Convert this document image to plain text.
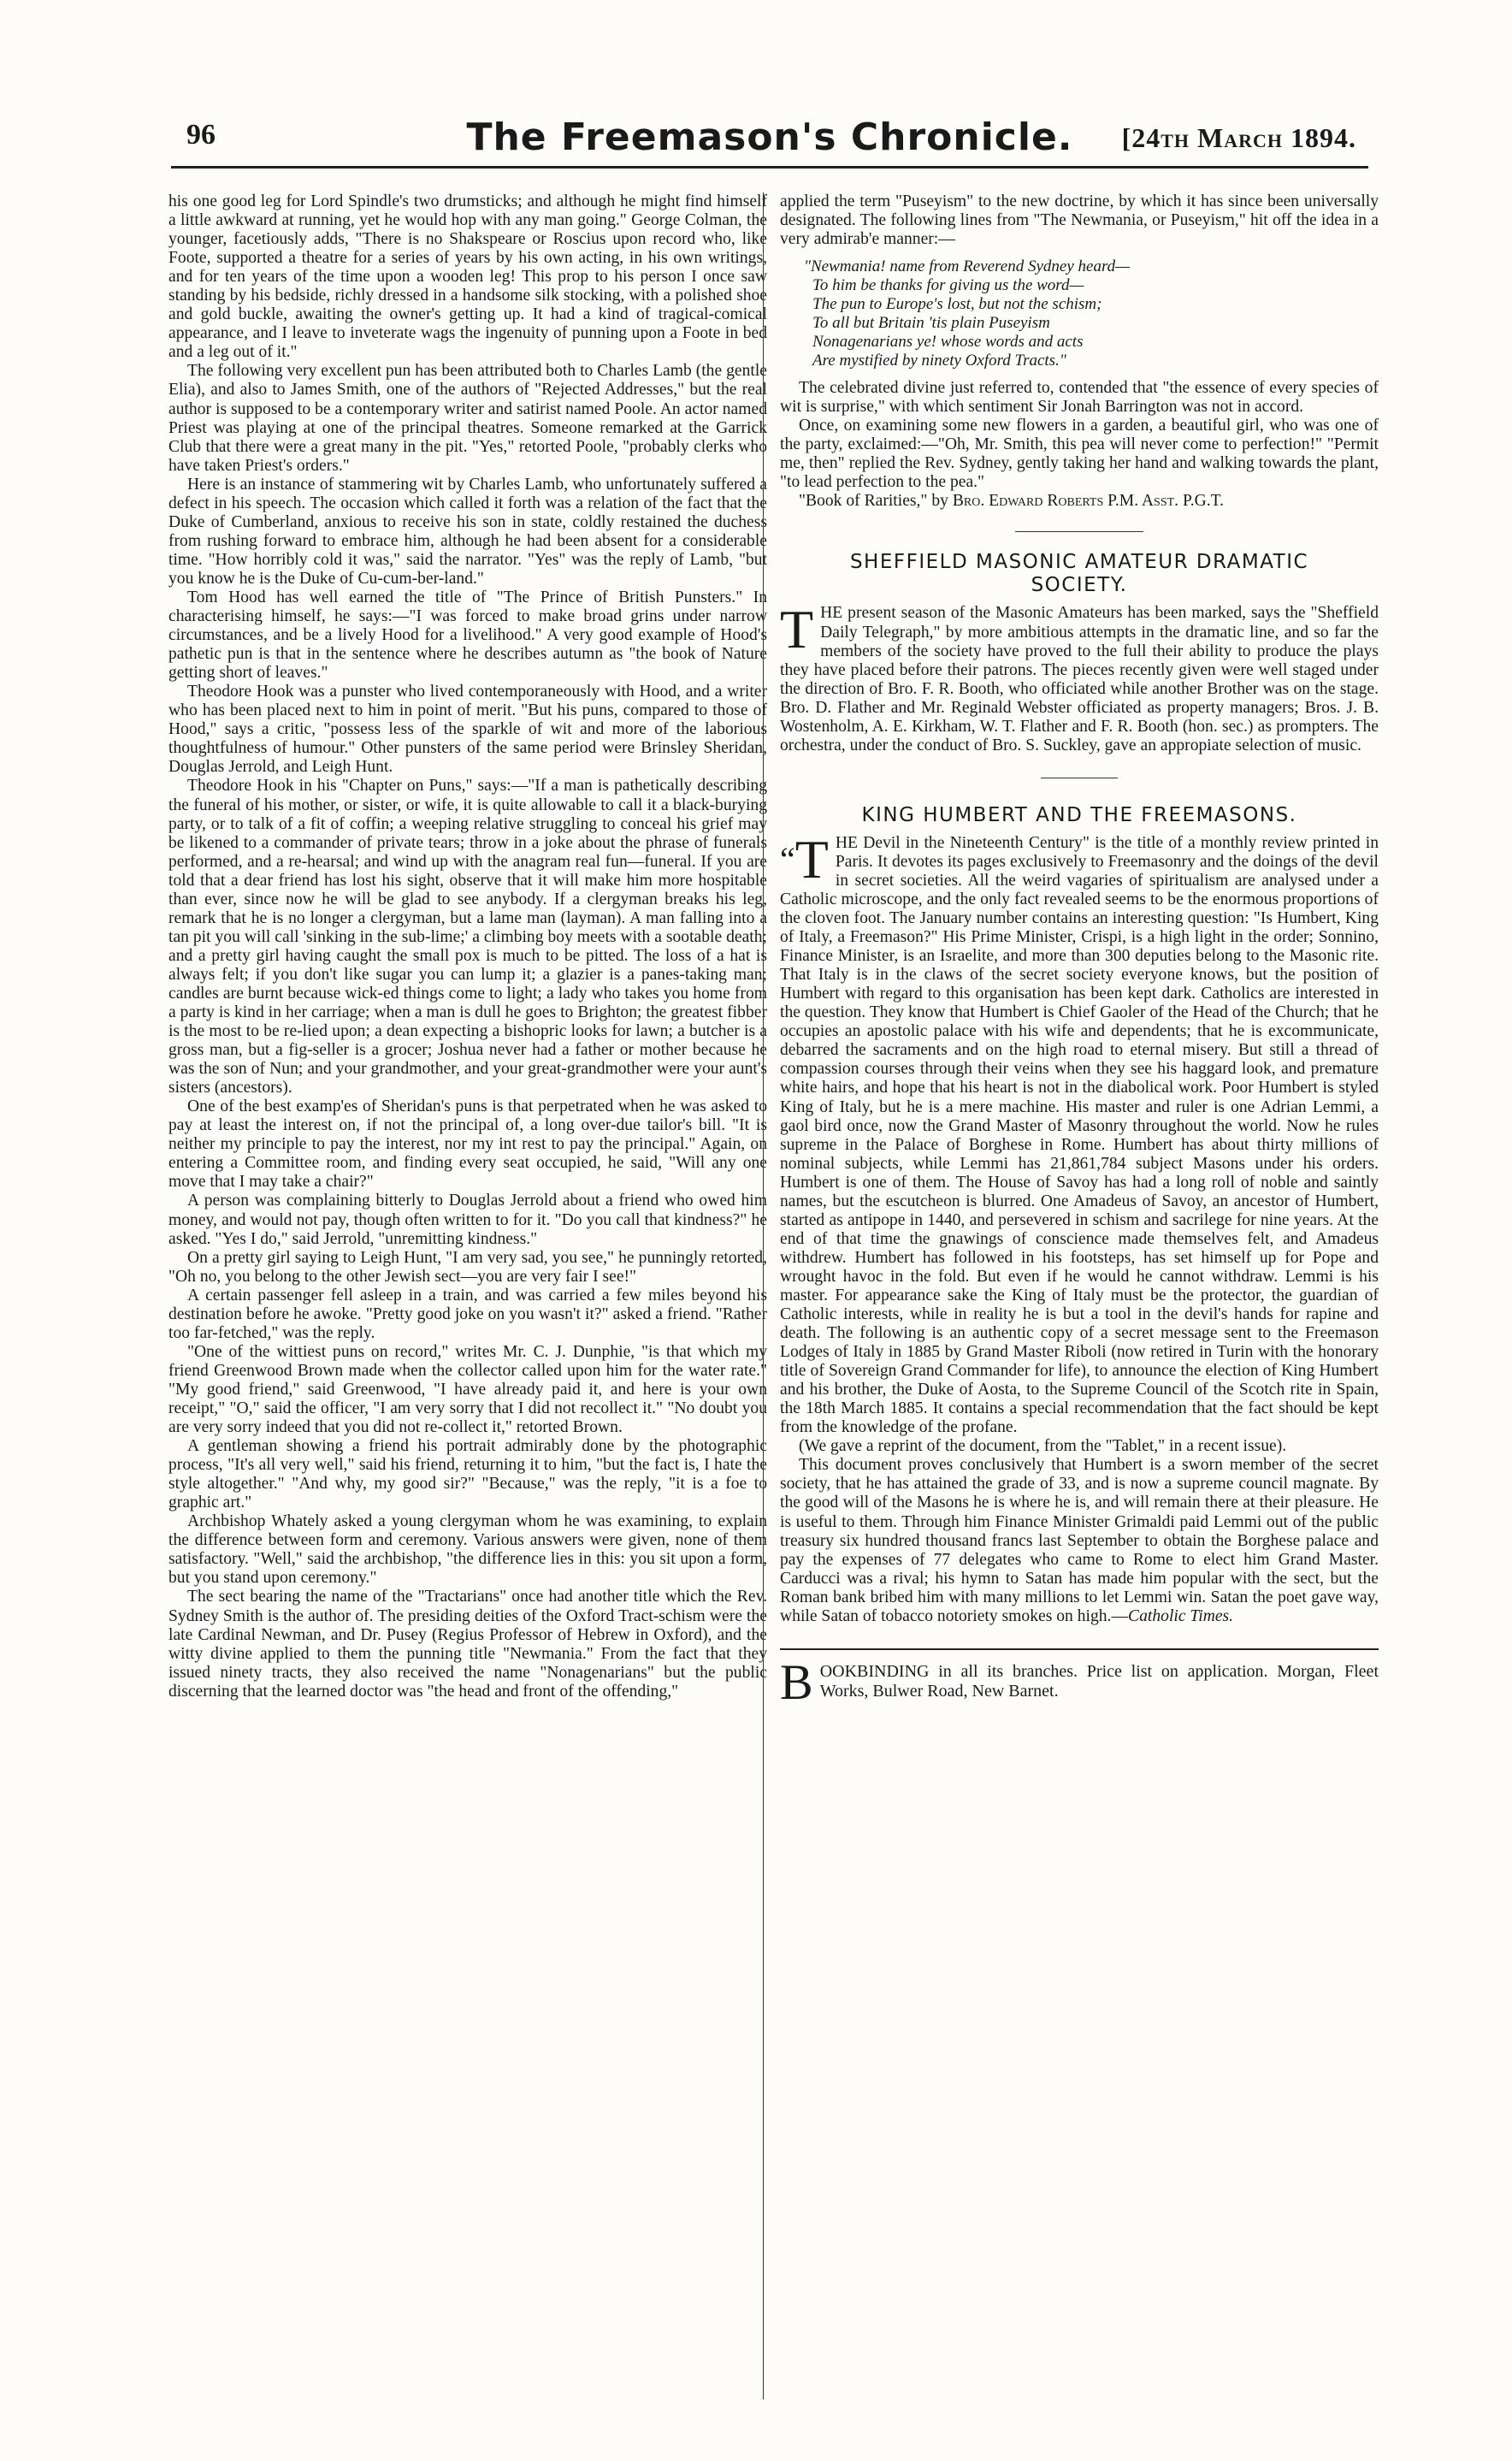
96	The Freemason's Chronicle.	[24th March 1894.

his one good leg for Lord Spindle's two drumsticks; and although he might find himself a little awkward at running, yet he would hop with any man going." George Colman, the younger, facetiously adds, "There is no Shakspeare or Roscius upon record who, like Foote, supported a theatre for a series of years by his own acting, in his own writings, and for ten years of the time upon a wooden leg! This prop to his person I once saw standing by his bedside, richly dressed in a handsome silk stocking, with a polished shoe and gold buckle, awaiting the owner's getting up. It had a kind of tragical-comical appearance, and I leave to inveterate wags the ingenuity of punning upon a Foote in bed and a leg out of it."

The following very excellent pun has been attributed both to Charles Lamb (the gentle Elia), and also to James Smith, one of the authors of "Rejected Addresses," but the real author is supposed to be a contemporary writer and satirist named Poole. An actor named Priest was playing at one of the principal theatres. Someone remarked at the Garrick Club that there were a great many in the pit. "Yes," retorted Poole, "probably clerks who have taken Priest's orders."

Here is an instance of stammering wit by Charles Lamb, who unfortunately suffered a defect in his speech. The occasion which called it forth was a relation of the fact that the Duke of Cumberland, anxious to receive his son in state, coldly restained the duchess from rushing forward to embrace him, although he had been absent for a considerable time. "How horribly cold it was," said the narrator. "Yes" was the reply of Lamb, "but you know he is the Duke of Cu-cum-ber-land."

Tom Hood has well earned the title of "The Prince of British Punsters." In characterising himself, he says:—"I was forced to make broad grins under narrow circumstances, and be a lively Hood for a livelihood." A very good example of Hood's pathetic pun is that in the sentence where he describes autumn as "the book of Nature getting short of leaves."

Theodore Hook was a punster who lived contemporaneously with Hood, and a writer who has been placed next to him in point of merit. "But his puns, compared to those of Hood," says a critic, "possess less of the sparkle of wit and more of the laborious thoughtfulness of humour." Other punsters of the same period were Brinsley Sheridan, Douglas Jerrold, and Leigh Hunt.

Theodore Hook in his "Chapter on Puns," says:—"If a man is pathetically describing the funeral of his mother, or sister, or wife, it is quite allowable to call it a black-burying party, or to talk of a fit of coffin; a weeping relative struggling to conceal his grief may be likened to a commander of private tears; throw in a joke about the phrase of funerals performed, and a re-hearsal; and wind up with the anagram real fun—funeral. If you are told that a dear friend has lost his sight, observe that it will make him more hospitable than ever, since now he will be glad to see anybody. If a clergyman breaks his leg, remark that he is no longer a clergyman, but a lame man (layman). A man falling into a tan pit you will call 'sinking in the sub-lime;' a climbing boy meets with a sootable death; and a pretty girl having caught the small pox is much to be pitted. The loss of a hat is always felt; if you don't like sugar you can lump it; a glazier is a panes-taking man; candles are burnt because wick-ed things come to light; a lady who takes you home from a party is kind in her carriage; when a man is dull he goes to Brighton; the greatest fibber is the most to be re-lied upon; a dean expecting a bishopric looks for lawn; a butcher is a gross man, but a fig-seller is a grocer; Joshua never had a father or mother because he was the son of Nun; and your grandmother, and your great-grandmother were your aunt's sisters (ancestors).

One of the best examp'es of Sheridan's puns is that perpetrated when he was asked to pay at least the interest on, if not the principal of, a long over-due tailor's bill. "It is neither my principle to pay the interest, nor my int rest to pay the principal." Again, on entering a Committee room, and finding every seat occupied, he said, "Will any one move that I may take a chair?"

A person was complaining bitterly to Douglas Jerrold about a friend who owed him money, and would not pay, though often written to for it. "Do you call that kindness?" he asked. "Yes I do," said Jerrold, "unremitting kindness."

On a pretty girl saying to Leigh Hunt, "I am very sad, you see," he punningly retorted, "Oh no, you belong to the other Jewish sect—you are very fair I see!"

A certain passenger fell asleep in a train, and was carried a few miles beyond his destination before he awoke. "Pretty good joke on you wasn't it?" asked a friend. "Rather too far-fetched," was the reply.

"One of the wittiest puns on record," writes Mr. C. J. Dunphie, "is that which my friend Greenwood Brown made when the collector called upon him for the water rate." "My good friend," said Greenwood, "I have already paid it, and here is your own receipt," "O," said the officer, "I am very sorry that I did not recollect it." "No doubt you are very sorry indeed that you did not re-collect it," retorted Brown.

A gentleman showing a friend his portrait admirably done by the photographic process, "It's all very well," said his friend, returning it to him, "but the fact is, I hate the style altogether." "And why, my good sir?" "Because," was the reply, "it is a foe to graphic art."

Archbishop Whately asked a young clergyman whom he was examining, to explain the difference between form and ceremony. Various answers were given, none of them satisfactory. "Well," said the archbishop, "the difference lies in this: you sit upon a form, but you stand upon ceremony."

The sect bearing the name of the "Tractarians" once had another title which the Rev. Sydney Smith is the author of. The presiding deities of the Oxford Tract-schism were the late Cardinal Newman, and Dr. Pusey (Regius Professor of Hebrew in Oxford), and the witty divine applied to them the punning title "Newmania." From the fact that they issued ninety tracts, they also received the name "Nonagenarians" but the public discerning that the learned doctor was "the head and front of the offending,"

applied the term "Puseyism" to the new doctrine, by which it has since been universally designated. The following lines from "The Newmania, or Puseyism," hit off the idea in a very admirab'e manner:—

"Newmania! name from Reverend Sydney heard—
To him be thanks for giving us the word—
The pun to Europe's lost, but not the schism;
To all but Britain 'tis plain Puseyism
Nonagenarians ye! whose words and acts
Are mystified by ninety Oxford Tracts."

The celebrated divine just referred to, contended that "the essence of every species of wit is surprise," with which sentiment Sir Jonah Barrington was not in accord.

Once, on examining some new flowers in a garden, a beautiful girl, who was one of the party, exclaimed:—"Oh, Mr. Smith, this pea will never come to perfection!" "Permit me, then" replied the Rev. Sydney, gently taking her hand and walking towards the plant, "to lead perfection to the pea."

"Book of Rarities," by Bro. Edward Roberts P.M. Asst. P.G.T.

SHEFFIELD MASONIC AMATEUR DRAMATIC
SOCIETY.

THE present season of the Masonic Amateurs has been marked, says the "Sheffield Daily Telegraph," by more ambitious attempts in the dramatic line, and so far the members of the society have proved to the full their ability to produce the plays they have placed before their patrons. The pieces recently given were well staged under the direction of Bro. F. R. Booth, who officiated while another Brother was on the stage. Bro. D. Flather and Mr. Reginald Webster officiated as property managers; Bros. J. B. Wostenholm, A. E. Kirkham, W. T. Flather and F. R. Booth (hon. sec.) as prompters. The orchestra, under the conduct of Bro. S. Suckley, gave an appropiate selection of music.

KING HUMBERT AND THE FREEMASONS.

“T HE Devil in the Nineteenth Century" is the title of a monthly review printed in Paris. It devotes its pages exclusively to Freemasonry and the doings of the devil in secret societies. All the weird vagaries of spiritualism are analysed under a Catholic microscope, and the only fact revealed seems to be the enormous proportions of the cloven foot. The January number contains an interesting question: "Is Humbert, King of Italy, a Freemason?" His Prime Minister, Crispi, is a high light in the order; Sonnino, Finance Minister, is an Israelite, and more than 300 deputies belong to the Masonic rite. That Italy is in the claws of the secret society everyone knows, but the position of Humbert with regard to this organisation has been kept dark. Catholics are interested in the question. They know that Humbert is Chief Gaoler of the Head of the Church; that he occupies an apostolic palace with his wife and dependents; that he is excommunicate, debarred the sacraments and on the high road to eternal misery. But still a thread of compassion courses through their veins when they see his haggard look, and premature white hairs, and hope that his heart is not in the diabolical work. Poor Humbert is styled King of Italy, but he is a mere machine. His master and ruler is one Adrian Lemmi, a gaol bird once, now the Grand Master of Masonry throughout the world. Now he rules supreme in the Palace of Borghese in Rome. Humbert has about thirty millions of nominal subjects, while Lemmi has 21,861,784 subject Masons under his orders. Humbert is one of them. The House of Savoy has had a long roll of noble and saintly names, but the escutcheon is blurred. One Amadeus of Savoy, an ancestor of Humbert, started as antipope in 1440, and persevered in schism and sacrilege for nine years. At the end of that time the gnawings of conscience made themselves felt, and Amadeus withdrew. Humbert has followed in his footsteps, has set himself up for Pope and wrought havoc in the fold. But even if he would he cannot withdraw. Lemmi is his master. For appearance sake the King of Italy must be the protector, the guardian of Catholic interests, while in reality he is but a tool in the devil's hands for rapine and death. The following is an authentic copy of a secret message sent to the Freemason Lodges of Italy in 1885 by Grand Master Riboli (now retired in Turin with the honorary title of Sovereign Grand Commander for life), to announce the election of King Humbert and his brother, the Duke of Aosta, to the Supreme Council of the Scotch rite in Spain, the 18th March 1885. It contains a special recommendation that the fact should be kept from the knowledge of the profane.

(We gave a reprint of the document, from the "Tablet," in a recent issue).

This document proves conclusively that Humbert is a sworn member of the secret society, that he has attained the grade of 33, and is now a supreme council magnate. By the good will of the Masons he is where he is, and will remain there at their pleasure. He is useful to them. Through him Finance Minister Grimaldi paid Lemmi out of the public treasury six hundred thousand francs last September to obtain the Borghese palace and pay the expenses of 77 delegates who came to Rome to elect him Grand Master. Carducci was a rival; his hymn to Satan has made him popular with the sect, but the Roman bank bribed him with many millions to let Lemmi win. Satan the poet gave way, while Satan of tobacco notoriety smokes on high.—Catholic Times.

BOOKBINDING in all its branches. Price list on application. Morgan, Fleet Works, Bulwer Road, New Barnet.
